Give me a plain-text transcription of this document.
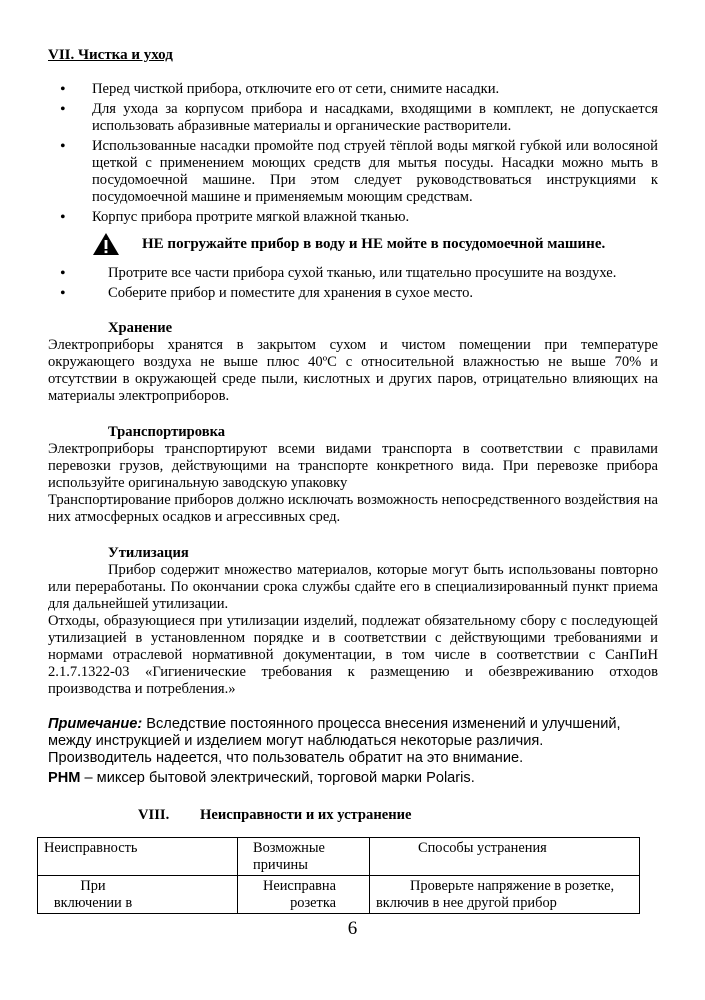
VII. Чистка и уход
• Перед чисткой прибора, отключите его от сети, снимите насадки.
• Для ухода за корпусом прибора и насадками, входящими в комплект, не допускается использовать абразивные материалы и органические растворители.
• Использованные насадки промойте под струей тёплой воды мягкой губкой или волосяной щеткой с применением моющих средств для мытья посуды. Насадки можно мыть в посудомоечной машине. При этом следует руководствоваться инструкциями к посудомоечной машине и применяемым моющим средствам.
• Корпус прибора протрите мягкой влажной тканью.
НЕ погружайте прибор в воду и НЕ мойте в посудомоечной машине.
• Протрите все части прибора сухой тканью, или тщательно просушите на воздухе.
• Соберите прибор и поместите для хранения в сухое место.
Хранение
Электроприборы хранятся в закрытом сухом и чистом помещении при температуре окружающего воздуха не выше плюс 40ºС с относительной влажностью не выше 70% и отсутствии в окружающей среде пыли, кислотных и других паров, отрицательно влияющих на материалы электроприборов.
Транспортировка
Электроприборы транспортируют всеми видами транспорта в соответствии с правилами перевозки грузов, действующими на транспорте конкретного вида. При перевозке прибора используйте оригинальную заводскую упаковку
Транспортирование приборов должно исключать возможность непосредственного воздействия на них атмосферных осадков и агрессивных сред.
Утилизация
Прибор содержит множество материалов, которые могут быть использованы повторно или переработаны. По окончании срока службы сдайте его в специализированный пункт приема для дальнейшей утилизации.
Отходы, образующиеся при утилизации изделий, подлежат обязательному сбору с последующей утилизацией в установленном порядке и в соответствии с действующими требованиями и нормами отраслевой нормативной документации, в том числе в соответствии с СанПиН 2.1.7.1322-03 «Гигиенические требования к размещению и обезвреживанию отходов производства и потребления.»
Примечание: Вследствие постоянного процесса внесения изменений и улучшений, между инструкцией и изделием могут наблюдаться некоторые различия. Производитель надеется, что пользователь обратит на это внимание.
РНМ – миксер бытовой электрический, торговой марки Polaris.
VIII. Неисправности и их устранение
Неисправность	Возможные причины	Способы устранения

При включении в	Неисправна розетка	Проверьте напряжение в розетке, включив в нее другой прибор
6
